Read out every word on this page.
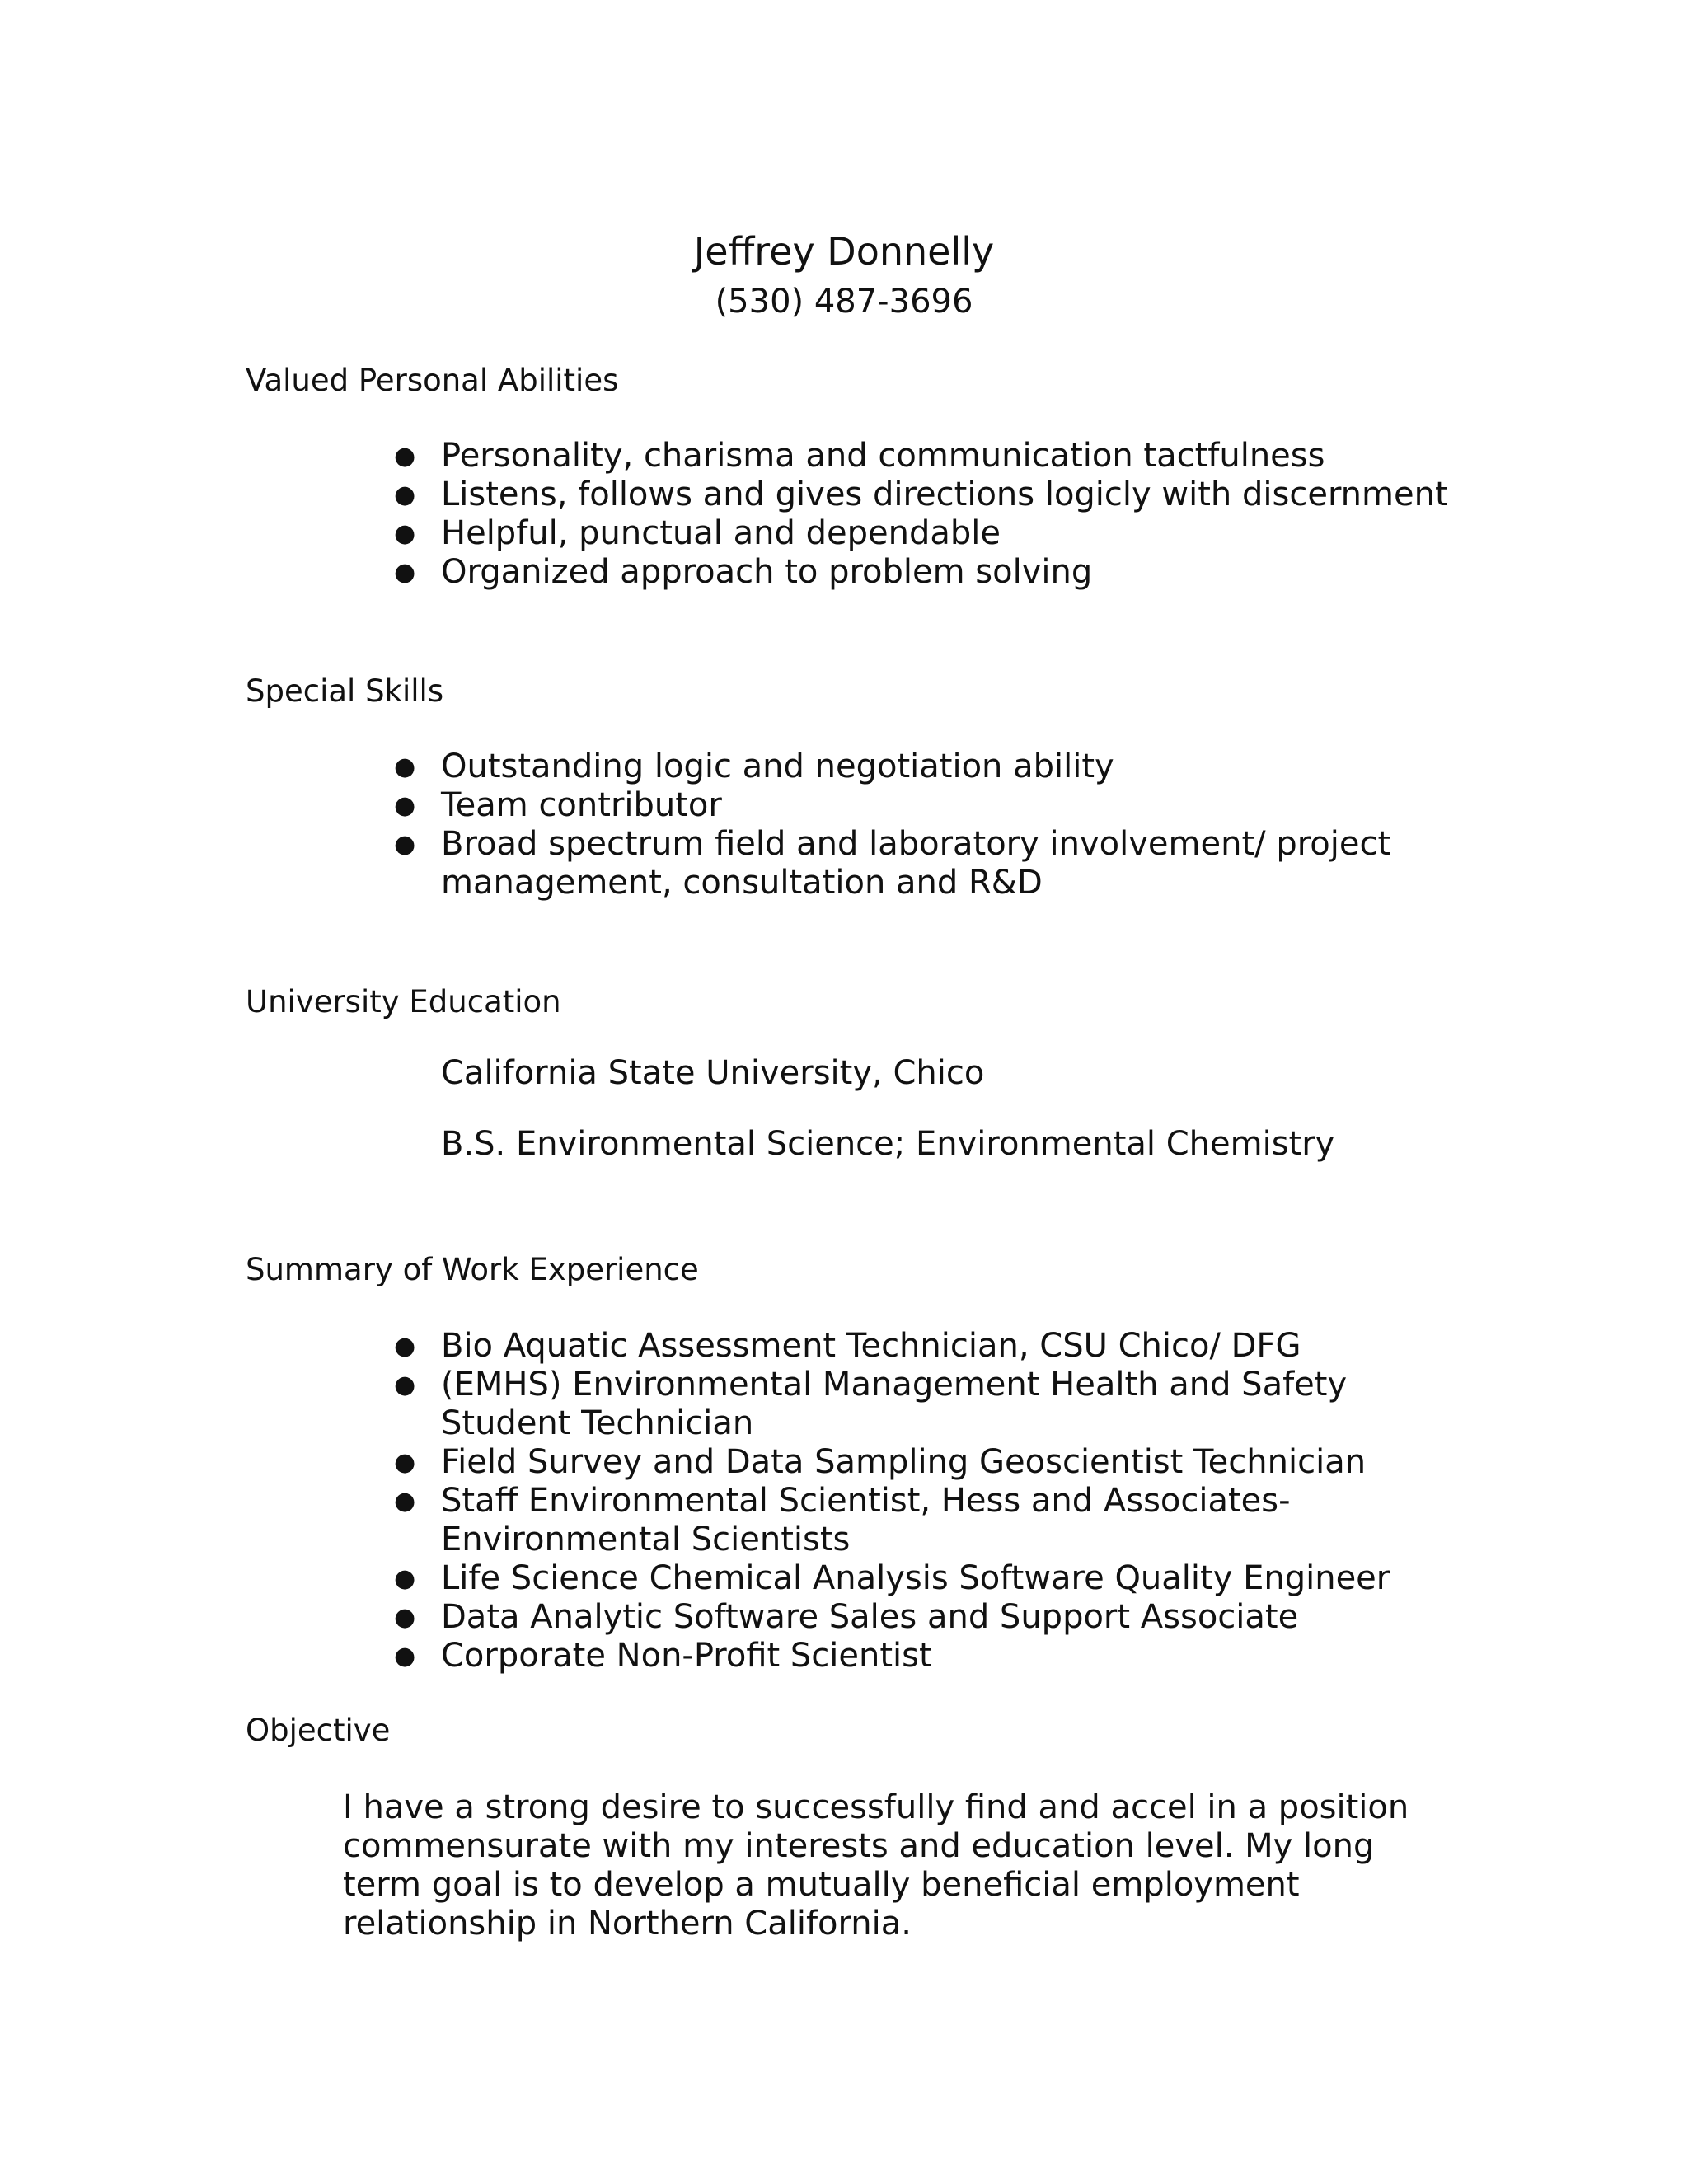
Jeffrey Donnelly
(530) 487-3696
Valued Personal Abilities
● Personality, charisma and communication tactfulness
● Listens, follows and gives directions logicly with discernment
● Helpful, punctual and dependable
● Organized approach to problem solving
Special Skills
● Outstanding logic and negotiation ability
● Team contributor
● Broad spectrum field and laboratory involvement/ project management, consultation and R&D
University Education
California State University, Chico
B.S. Environmental Science; Environmental Chemistry
Summary of Work Experience
● Bio Aquatic Assessment Technician, CSU Chico/ DFG
● (EMHS) Environmental Management Health and Safety Student Technician
● Field Survey and Data Sampling Geoscientist Technician
● Staff Environmental Scientist, Hess and Associates-Environmental Scientists
● Life Science Chemical Analysis Software Quality Engineer
● Data Analytic Software Sales and Support Associate
● Corporate Non-Profit Scientist
Objective

I have a strong desire to successfully find and accel in a position commensurate with my interests and education level. My long term goal is to develop a mutually beneficial employment relationship in Northern California.
